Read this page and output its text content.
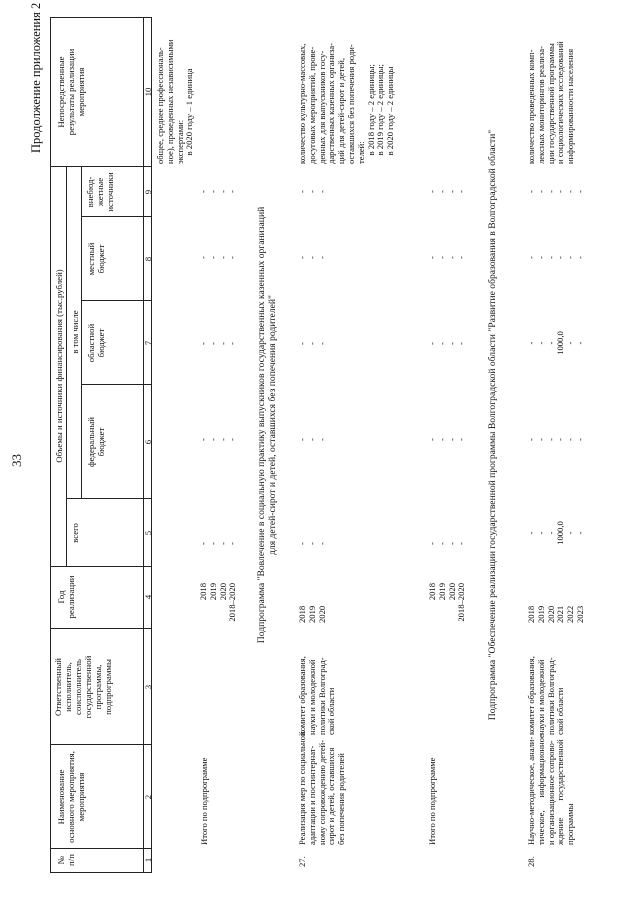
33
Продолжение приложения 2
№
п/п
Наименование
основного мероприятия,
мероприятия
Ответственный
исполнитель,
соисполнитель
государственной
программы,
подпрограммы
Год
реализации
Объемы и источники финансирования (тыс.рублей)
всего
в том числе
федеральный
бюджет
областной
бюджет
местный
бюджет
внебюд-
жетные
источники
Непосредственные
результаты реализации
мероприятия
1
2
3
4
5
6
7
8
9
10
Итого по подпрограмме
2018
2019
2020
2018–2020
-
-
-
-
-
-
-
-
-
-
-
-
-
-
-
-
-
-
-
-
общее, среднее профессиональ-
ное), проведенных независимыми
экспертами:
в 2020 году – 1 единица
Подпрограмма "Вовлечение в социальную практику выпускников государственных казенных организаций
для детей-сирот и детей, оставшихся без попечения родителей"
27.
Реализация мер по социальной
адаптации и постинтернат-
ному сопровождению детей-
сирот и детей, оставшихся
без попечения родителей
комитет образования,
науки и молодежной
политики Волгоград-
ской области
2018
2019
2020
-
-
-
-
-
-
-
-
-
-
-
-
-
-
-
количество культурно-массовых,
досуговых мероприятий, прове-
денных для выпускников госу-
дарственных казенных организа-
ций для детей-сирот и детей,
оставшихся без попечения роди-
телей:
в 2018 году – 2 единицы;
в 2019 году – 2 единицы;
в 2020 году – 2 единицы
Итого по подпрограмме
2018
2019
2020
2018–2020
-
-
-
-
-
-
-
-
-
-
-
-
-
-
-
-
-
-
-
- Подпрограмма "Обеспечение реализации государственной программы Волгоградской области "Развитие образования в Волгоградской области"
28.
Научно-методическое, анали-
тическое,      информационное
и организационное сопрово-
ждение        государственной
программы
комитет образования,
науки и молодежной
политики Волгоград-
ской области
2018
2019
2020
2021
2022
2023
-
-
-
1000,0
-
-
-
-
-
-
-
-
-
-
-
1000,0
-
-
-
-
-
-
-
-
-
-
-
-
-
-
количество проведенных комп-
лексных мониторингов реализа-
ции государственной программы
и социологических исследований
информированности населения
